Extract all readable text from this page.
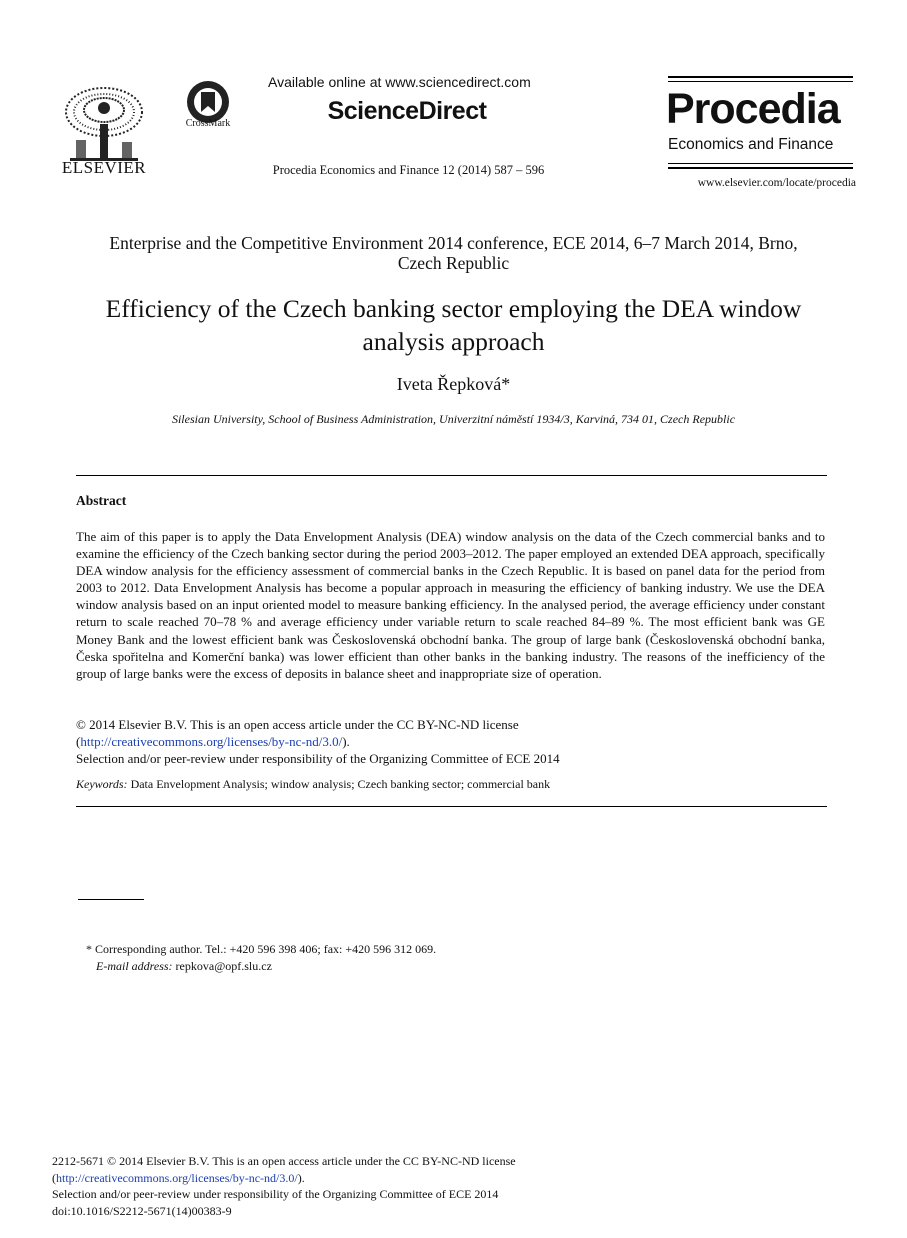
ELSEVIER
CrossMark
Available online at www.sciencedirect.com
ScienceDirect
Procedia Economics and Finance 12 (2014) 587 – 596
Procedia
Economics and Finance
www.elsevier.com/locate/procedia
Enterprise and the Competitive Environment 2014 conference, ECE 2014, 6–7 March 2014, Brno,
Czech Republic
Efficiency of the Czech banking sector employing the DEA window
analysis approach
Iveta Řepková*
Silesian University, School of Business Administration, Univerzitní náměstí 1934/3, Karviná, 734 01, Czech Republic
Abstract
The aim of this paper is to apply the Data Envelopment Analysis (DEA) window analysis on the data of the Czech commercial banks and to examine the efficiency of the Czech banking sector during the period 2003–2012. The paper employed an extended DEA approach, specifically DEA window analysis for the efficiency assessment of commercial banks in the Czech Republic. It is based on panel data for the period from 2003 to 2012. Data Envelopment Analysis has become a popular approach in measuring the efficiency of banking industry. We use the DEA window analysis based on an input oriented model to measure banking efficiency. In the analysed period, the average efficiency under constant return to scale reached 70–78 % and average efficiency under variable return to scale reached 84–89 %. The most efficient bank was GE Money Bank and the lowest efficient bank was Československá obchodní banka. The group of large bank (Československá obchodní banka, Česka spořitelna and Komerční banka) was lower efficient than other banks in the banking industry. The reasons of the inefficiency of the group of large banks were the excess of deposits in balance sheet and inappropriate size of operation.
© 2014 Elsevier B.V. This is an open access article under the CC BY-NC-ND license
(http://creativecommons.org/licenses/by-nc-nd/3.0/).
Selection and/or peer-review under responsibility of the Organizing Committee of ECE 2014
Keywords: Data Envelopment Analysis; window analysis; Czech banking sector; commercial bank
* Corresponding author. Tel.: +420 596 398 406; fax: +420 596 312 069.
E-mail address: repkova@opf.slu.cz
2212-5671 © 2014 Elsevier B.V. This is an open access article under the CC BY-NC-ND license
(http://creativecommons.org/licenses/by-nc-nd/3.0/).
Selection and/or peer-review under responsibility of the Organizing Committee of ECE 2014
doi:10.1016/S2212-5671(14)00383-9
